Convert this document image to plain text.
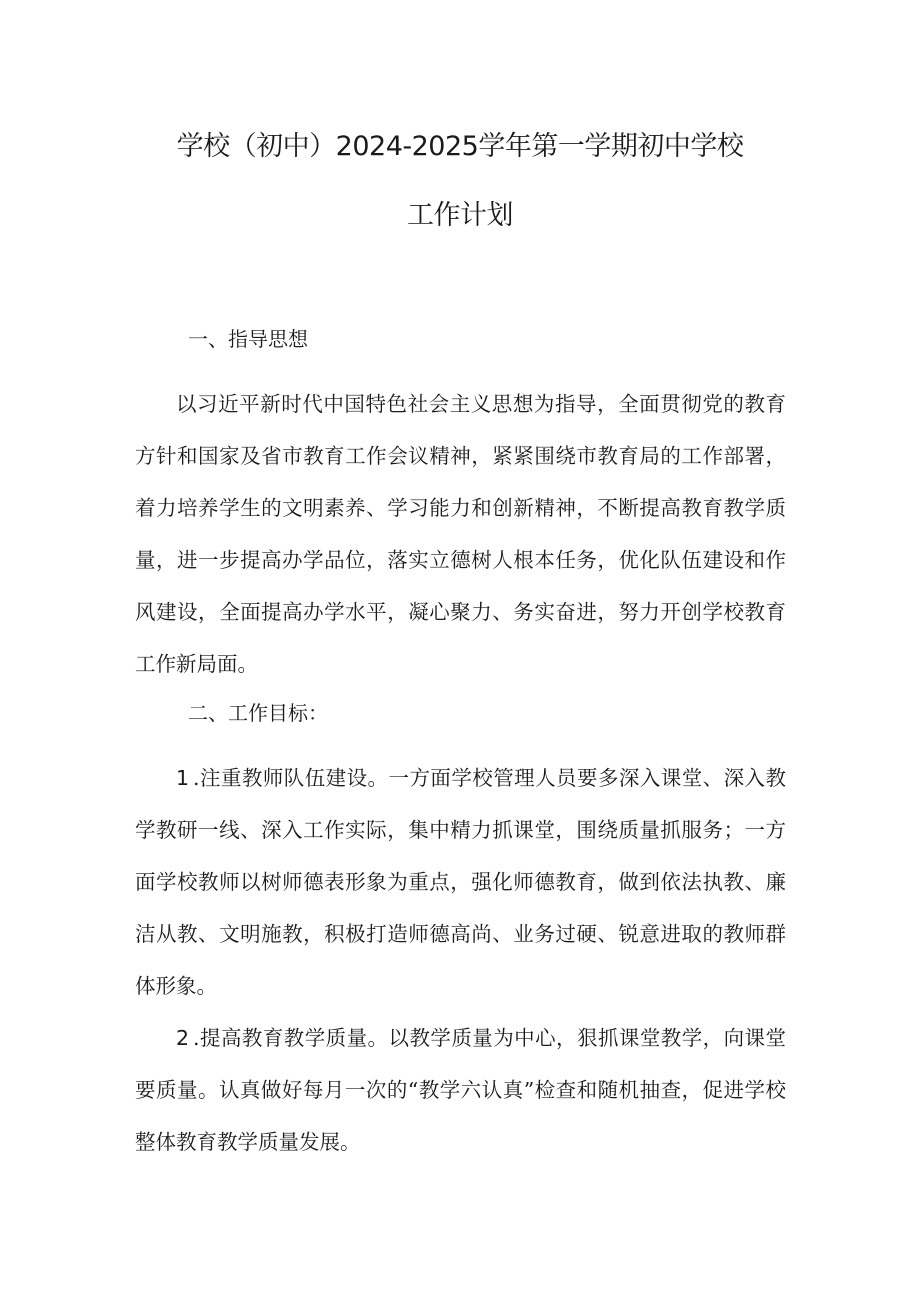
学校（初中）2024-2025学年第一学期初中学校
工作计划
一、指导思想
以习近平新时代中国特色社会主义思想为指导，全面贯彻党的教育方针和国家及省市教育工作会议精神，紧紧围绕市教育局的工作部署，着力培养学生的文明素养、学习能力和创新精神，不断提高教育教学质量，进一步提高办学品位，落实立德树人根本任务，优化队伍建设和作风建设，全面提高办学水平，凝心聚力、务实奋进，努力开创学校教育工作新局面。
二、工作目标：
1 .注重教师队伍建设。一方面学校管理人员要多深入课堂、深入教学教研一线、深入工作实际，集中精力抓课堂，围绕质量抓服务；一方面学校教师以树师德表形象为重点，强化师德教育，做到依法执教、廉洁从教、文明施教，积极打造师德高尚、业务过硬、锐意进取的教师群体形象。
2 .提高教育教学质量。以教学质量为中心，狠抓课堂教学，向课堂要质量。认真做好每月一次的“教学六认真”检查和随机抽查，促进学校整体教育教学质量发展。
